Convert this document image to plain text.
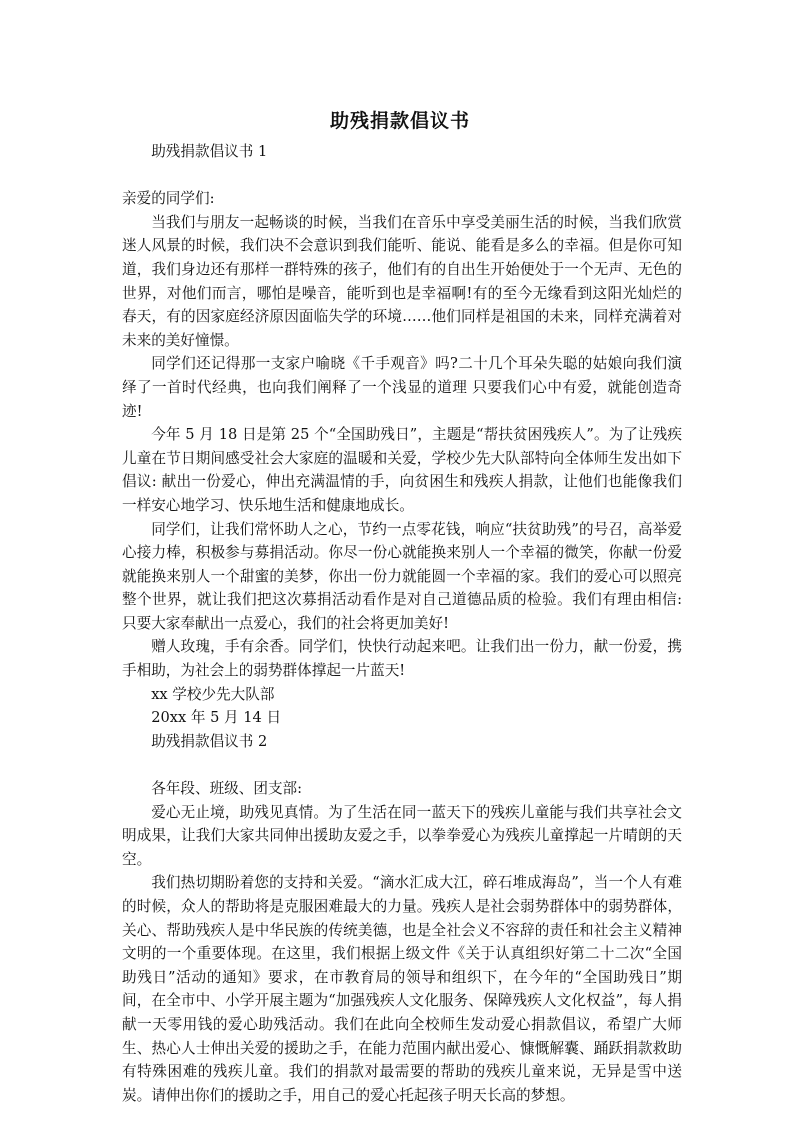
助残捐款倡议书

助残捐款倡议书 1

亲爱的同学们:

当我们与朋友一起畅谈的时候，当我们在音乐中享受美丽生活的时候，当我们欣赏迷人风景的时候，我们决不会意识到我们能听、能说、能看是多么的幸福。但是你可知道，我们身边还有那样一群特殊的孩子，他们有的自出生开始便处于一个无声、无色的世界，对他们而言，哪怕是噪音，能听到也是幸福啊!有的至今无缘看到这阳光灿烂的春天，有的因家庭经济原因面临失学的环境……他们同样是祖国的未来，同样充满着对未来的美好憧憬。

同学们还记得那一支家户喻晓《千手观音》吗?二十几个耳朵失聪的姑娘向我们演绎了一首时代经典，也向我们阐释了一个浅显的道理 只要我们心中有爱，就能创造奇迹!

今年 5 月 18 日是第 25 个“全国助残日”，主题是“帮扶贫困残疾人”。为了让残疾儿童在节日期间感受社会大家庭的温暖和关爱，学校少先大队部特向全体师生发出如下倡议: 献出一份爱心，伸出充满温情的手，向贫困生和残疾人捐款，让他们也能像我们一样安心地学习、快乐地生活和健康地成长。

同学们，让我们常怀助人之心，节约一点零花钱，响应“扶贫助残”的号召，高举爱心接力棒，积极参与募捐活动。你尽一份心就能换来别人一个幸福的微笑，你献一份爱就能换来别人一个甜蜜的美梦，你出一份力就能圆一个幸福的家。我们的爱心可以照亮整个世界，就让我们把这次募捐活动看作是对自己道德品质的检验。我们有理由相信: 只要大家奉献出一点爱心，我们的社会将更加美好!

赠人玫瑰，手有余香。同学们，快快行动起来吧。让我们出一份力，献一份爱，携手相助，为社会上的弱势群体撑起一片蓝天!

xx 学校少先大队部

20xx 年 5 月 14 日

助残捐款倡议书 2

各年段、班级、团支部:

爱心无止境，助残见真情。为了生活在同一蓝天下的残疾儿童能与我们共享社会文明成果，让我们大家共同伸出援助友爱之手，以拳拳爱心为残疾儿童撑起一片晴朗的天空。

我们热切期盼着您的支持和关爱。“滴水汇成大江，碎石堆成海岛”，当一个人有难的时候，众人的帮助将是克服困难最大的力量。残疾人是社会弱势群体中的弱势群体，关心、帮助残疾人是中华民族的传统美德，也是全社会义不容辞的责任和社会主义精神文明的一个重要体现。在这里，我们根据上级文件《关于认真组织好第二十二次“全国助残日”活动的通知》要求，在市教育局的领导和组织下，在今年的“全国助残日”期间，在全市中、小学开展主题为“加强残疾人文化服务、保障残疾人文化权益”，每人捐献一天零用钱的爱心助残活动。我们在此向全校师生发动爱心捐款倡议，希望广大师生、热心人士伸出关爱的援助之手，在能力范围内献出爱心、慷慨解囊、踊跃捐款救助有特殊困难的残疾儿童。我们的捐款对最需要的帮助的残疾儿童来说，无异是雪中送炭。请伸出你们的援助之手，用自己的爱心托起孩子明天长高的梦想。
